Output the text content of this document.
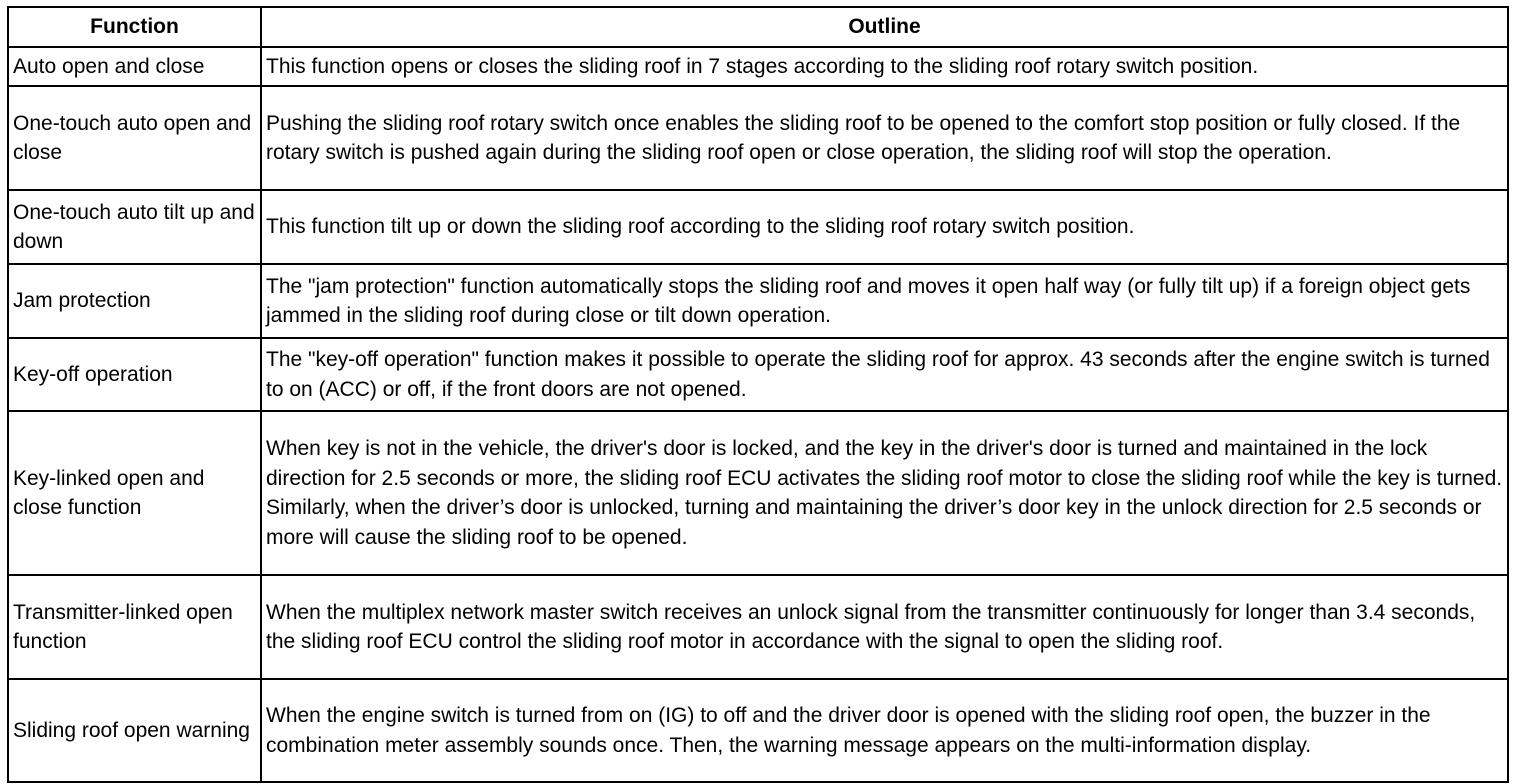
Function	Outline
Auto open and close	This function opens or closes the sliding roof in 7 stages according to the sliding roof rotary switch position.
One-touch auto open and close	Pushing the sliding roof rotary switch once enables the sliding roof to be opened to the comfort stop position or fully closed. If the rotary switch is pushed again during the sliding roof open or close operation, the sliding roof will stop the operation.
One-touch auto tilt up and down	This function tilt up or down the sliding roof according to the sliding roof rotary switch position.
Jam protection	The "jam protection" function automatically stops the sliding roof and moves it open half way (or fully tilt up) if a foreign object gets jammed in the sliding roof during close or tilt down operation.
Key-off operation	The "key-off operation" function makes it possible to operate the sliding roof for approx. 43 seconds after the engine switch is turned to on (ACC) or off, if the front doors are not opened.
Key-linked open and close function	When key is not in the vehicle, the driver's door is locked, and the key in the driver's door is turned and maintained in the lock direction for 2.5 seconds or more, the sliding roof ECU activates the sliding roof motor to close the sliding roof while the key is turned. Similarly, when the driver’s door is unlocked, turning and maintaining the driver’s door key in the unlock direction for 2.5 seconds or more will cause the sliding roof to be opened.
Transmitter-linked open function	When the multiplex network master switch receives an unlock signal from the transmitter continuously for longer than 3.4 seconds, the sliding roof ECU control the sliding roof motor in accordance with the signal to open the sliding roof.
Sliding roof open warning	When the engine switch is turned from on (IG) to off and the driver door is opened with the sliding roof open, the buzzer in the combination meter assembly sounds once. Then, the warning message appears on the multi-information display.
